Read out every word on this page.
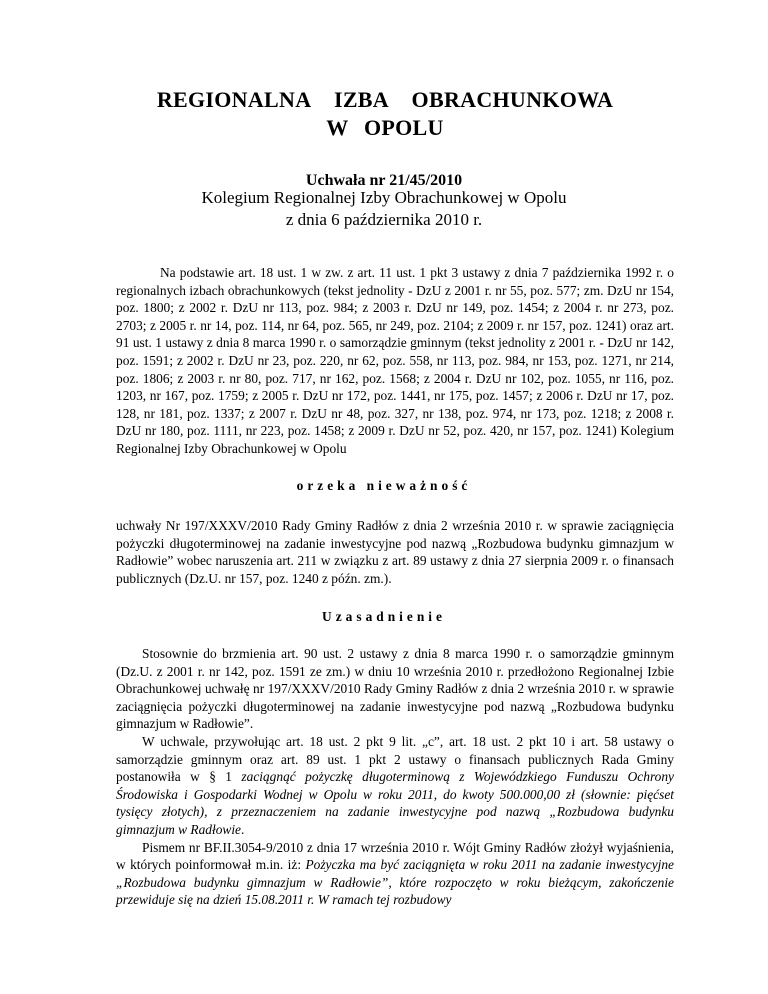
REGIONALNA IZBA OBRACHUNKOWA
W OPOLU
Uchwała nr 21/45/2010
Kolegium Regionalnej Izby Obrachunkowej w Opolu
z dnia 6 października 2010 r.

Na podstawie art. 18 ust. 1 w zw. z art. 11 ust. 1 pkt 3 ustawy z dnia 7 października 1992 r. o regionalnych izbach obrachunkowych (tekst jednolity - DzU z 2001 r. nr 55, poz. 577; zm. DzU nr 154, poz. 1800; z 2002 r. DzU nr 113, poz. 984; z 2003 r. DzU nr 149, poz. 1454; z 2004 r. nr 273, poz. 2703; z 2005 r. nr 14, poz. 114, nr 64, poz. 565, nr 249, poz. 2104; z 2009 r. nr 157, poz. 1241) oraz art. 91 ust. 1 ustawy z dnia 8 marca 1990 r. o samorządzie gminnym (tekst jednolity z 2001 r. - DzU nr 142, poz. 1591; z 2002 r. DzU nr 23, poz. 220, nr 62, poz. 558, nr 113, poz. 984, nr 153, poz. 1271, nr 214, poz. 1806; z 2003 r. nr 80, poz. 717, nr 162, poz. 1568; z 2004 r. DzU nr 102, poz. 1055, nr 116, poz. 1203, nr 167, poz. 1759; z 2005 r. DzU nr 172, poz. 1441, nr 175, poz. 1457; z 2006 r. DzU nr 17, poz. 128, nr 181, poz. 1337; z 2007 r. DzU nr 48, poz. 327, nr 138, poz. 974, nr 173, poz. 1218; z 2008 r. DzU nr 180, poz. 1111, nr 223, poz. 1458; z 2009 r. DzU nr 52, poz. 420, nr 157, poz. 1241) Kolegium Regionalnej Izby Obrachunkowej w Opolu

orzeka nieważność

uchwały Nr 197/XXXV/2010 Rady Gminy Radłów z dnia 2 września 2010 r. w sprawie zaciągnięcia pożyczki długoterminowej na zadanie inwestycyjne pod nazwą „Rozbudowa budynku gimnazjum w Radłowie” wobec naruszenia art. 211 w związku z art. 89 ustawy z dnia 27 sierpnia 2009 r. o finansach publicznych (Dz.U. nr 157, poz. 1240 z późn. zm.).

Uzasadnienie

Stosownie do brzmienia art. 90 ust. 2 ustawy z dnia 8 marca 1990 r. o samorządzie gminnym (Dz.U. z 2001 r. nr 142, poz. 1591 ze zm.) w dniu 10 września 2010 r. przedłożono Regionalnej Izbie Obrachunkowej uchwałę nr 197/XXXV/2010 Rady Gminy Radłów z dnia 2 września 2010 r. w sprawie zaciągnięcia pożyczki długoterminowej na zadanie inwestycyjne pod nazwą „Rozbudowa budynku gimnazjum w Radłowie”.

W uchwale, przywołując art. 18 ust. 2 pkt 9 lit. „c”, art. 18 ust. 2 pkt 10 i art. 58 ustawy o samorządzie gminnym oraz art. 89 ust. 1 pkt 2 ustawy o finansach publicznych Rada Gminy postanowiła w § 1 zaciągnąć pożyczkę długoterminową z Wojewódzkiego Funduszu Ochrony Środowiska i Gospodarki Wodnej w Opolu w roku 2011, do kwoty 500.000,00 zł (słownie: pięćset tysięcy złotych), z przeznaczeniem na zadanie inwestycyjne pod nazwą „Rozbudowa budynku gimnazjum w Radłowie.

Pismem nr BF.II.3054-9/2010 z dnia 17 września 2010 r. Wójt Gminy Radłów złożył wyjaśnienia, w których poinformował m.in. iż: Pożyczka ma być zaciągnięta w roku 2011 na zadanie inwestycyjne „Rozbudowa budynku gimnazjum w Radłowie”, które rozpoczęto w roku bieżącym, zakończenie przewiduje się na dzień 15.08.2011 r. W ramach tej rozbudowy
